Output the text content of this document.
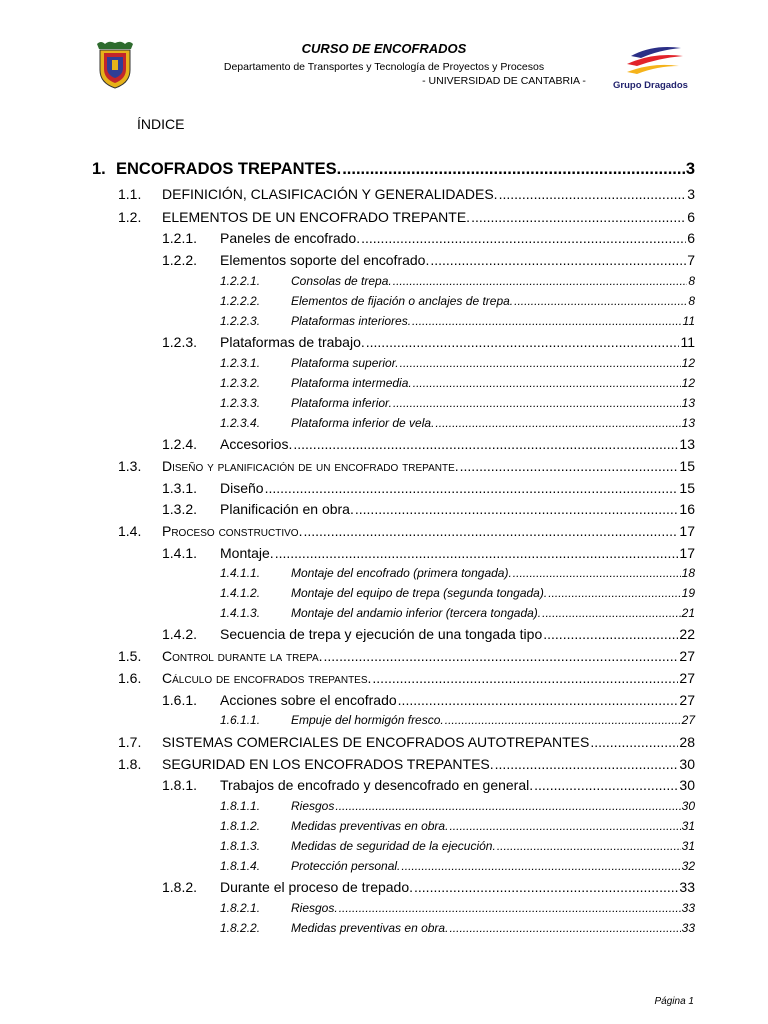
CURSO DE ENCOFRADOS
Departamento de Transportes y Tecnología de Proyectos y Procesos
- UNIVERSIDAD DE CANTABRIA -	Grupo Dragados
ÍNDICE
1. ENCOFRADOS TREPANTES. .....	3
1.1.	DEFINICIÓN, CLASIFICACIÓN Y GENERALIDADES. .....	3
1.2.	ELEMENTOS DE UN ENCOFRADO TREPANTE. .....	6
1.2.1.	Paneles de encofrado. .....	6
1.2.2.	Elementos soporte del encofrado. .....	7
1.2.2.1.	Consolas de trepa. .....	8
1.2.2.2.	Elementos de fijación o anclajes de trepa. .....	8
1.2.2.3.	Plataformas interiores. .....	11
1.2.3.	Plataformas de trabajo. .....	11
1.2.3.1.	Plataforma superior. .....	12
1.2.3.2.	Plataforma intermedia. .....	12
1.2.3.3.	Plataforma inferior. .....	13
1.2.3.4.	Plataforma inferior de vela. .....	13
1.2.4.	Accesorios. .....	13
1.3.	Diseño y planificación de un encofrado trepante. .....	15
1.3.1.	Diseño .....	15
1.3.2.	Planificación en obra. .....	16
1.4.	Proceso constructivo. .....	17
1.4.1.	Montaje. .....	17
1.4.1.1.	Montaje del encofrado (primera tongada). .....	18
1.4.1.2.	Montaje del equipo de trepa (segunda tongada). .....	19
1.4.1.3.	Montaje del andamio inferior (tercera tongada). .....	21
1.4.2.	Secuencia de trepa y ejecución de una tongada tipo .....	22
1.5.	Control durante la trepa. .....	27
1.6.	Cálculo de encofrados trepantes. .....	27
1.6.1.	Acciones sobre el encofrado .....	27
1.6.1.1.	Empuje del hormigón fresco. .....	27
1.7.	SISTEMAS COMERCIALES DE ENCOFRADOS AUTOTREPANTES .....	28
1.8.	SEGURIDAD EN LOS ENCOFRADOS TREPANTES. .....	30
1.8.1.	Trabajos de encofrado y desencofrado en general. .....	30
1.8.1.1.	Riesgos .....	30
1.8.1.2.	Medidas preventivas en obra. .....	31
1.8.1.3.	Medidas de seguridad de la ejecución. .....	31
1.8.1.4.	Protección personal. .....	32
1.8.2.	Durante el proceso de trepado. .....	33
1.8.2.1.	Riesgos. .....	33
1.8.2.2.	Medidas preventivas en obra. .....	33
Página 1
